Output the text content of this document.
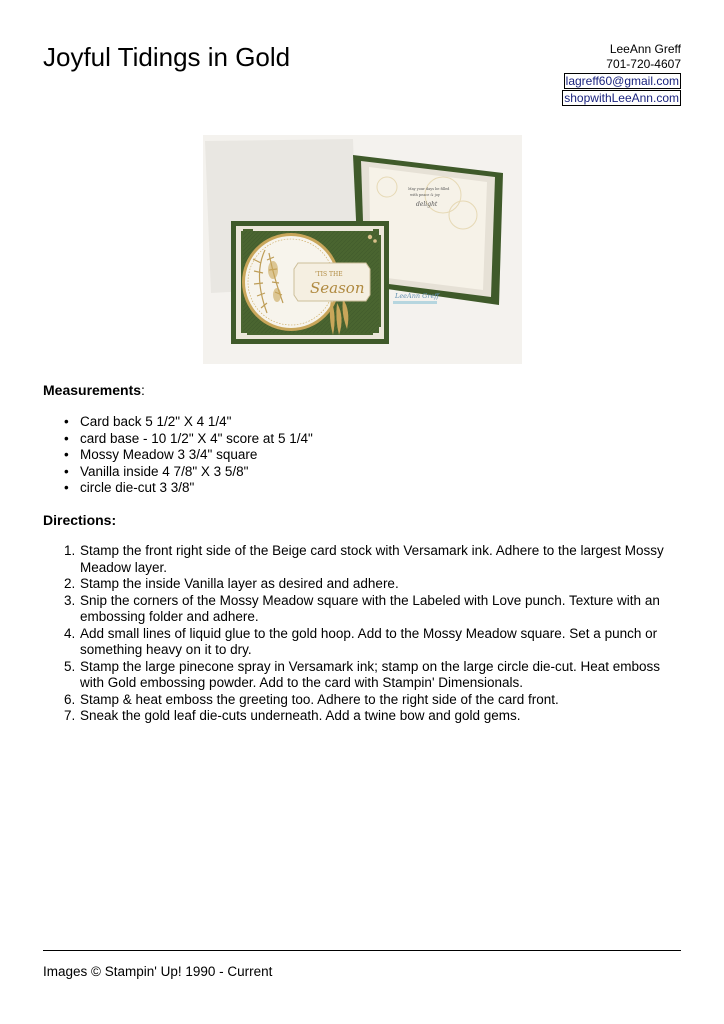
Joyful Tidings in Gold	LeeAnn Greff
701-720-4607
lagreff60@gmail.com
shopwithLeeAnn.com
May your days be filled
with peace & joy
delight
'TIS THE
Season	LeeAnn Greff
Measurements:
• Card back 5 1/2" X 4 1/4"
• card base - 10 1/2" X 4" score at 5 1/4"
• Mossy Meadow 3 3/4" square
• Vanilla inside 4 7/8" X 3 5/8"
• circle die-cut 3 3/8"
Directions:
1. Stamp the front right side of the Beige card stock with Versamark ink. Adhere to the largest Mossy Meadow layer.
2. Stamp the inside Vanilla layer as desired and adhere.
3. Snip the corners of the Mossy Meadow square with the Labeled with Love punch. Texture with an embossing folder and adhere.
4. Add small lines of liquid glue to the gold hoop. Add to the Mossy Meadow square. Set a punch or something heavy on it to dry.
5. Stamp the large pinecone spray in Versamark ink; stamp on the large circle die-cut. Heat emboss with Gold embossing powder. Add to the card with Stampin' Dimensionals.
6. Stamp & heat emboss the greeting too. Adhere to the right side of the card front.
7. Sneak the gold leaf die-cuts underneath. Add a twine bow and gold gems.
Images © Stampin' Up! 1990 - Current
